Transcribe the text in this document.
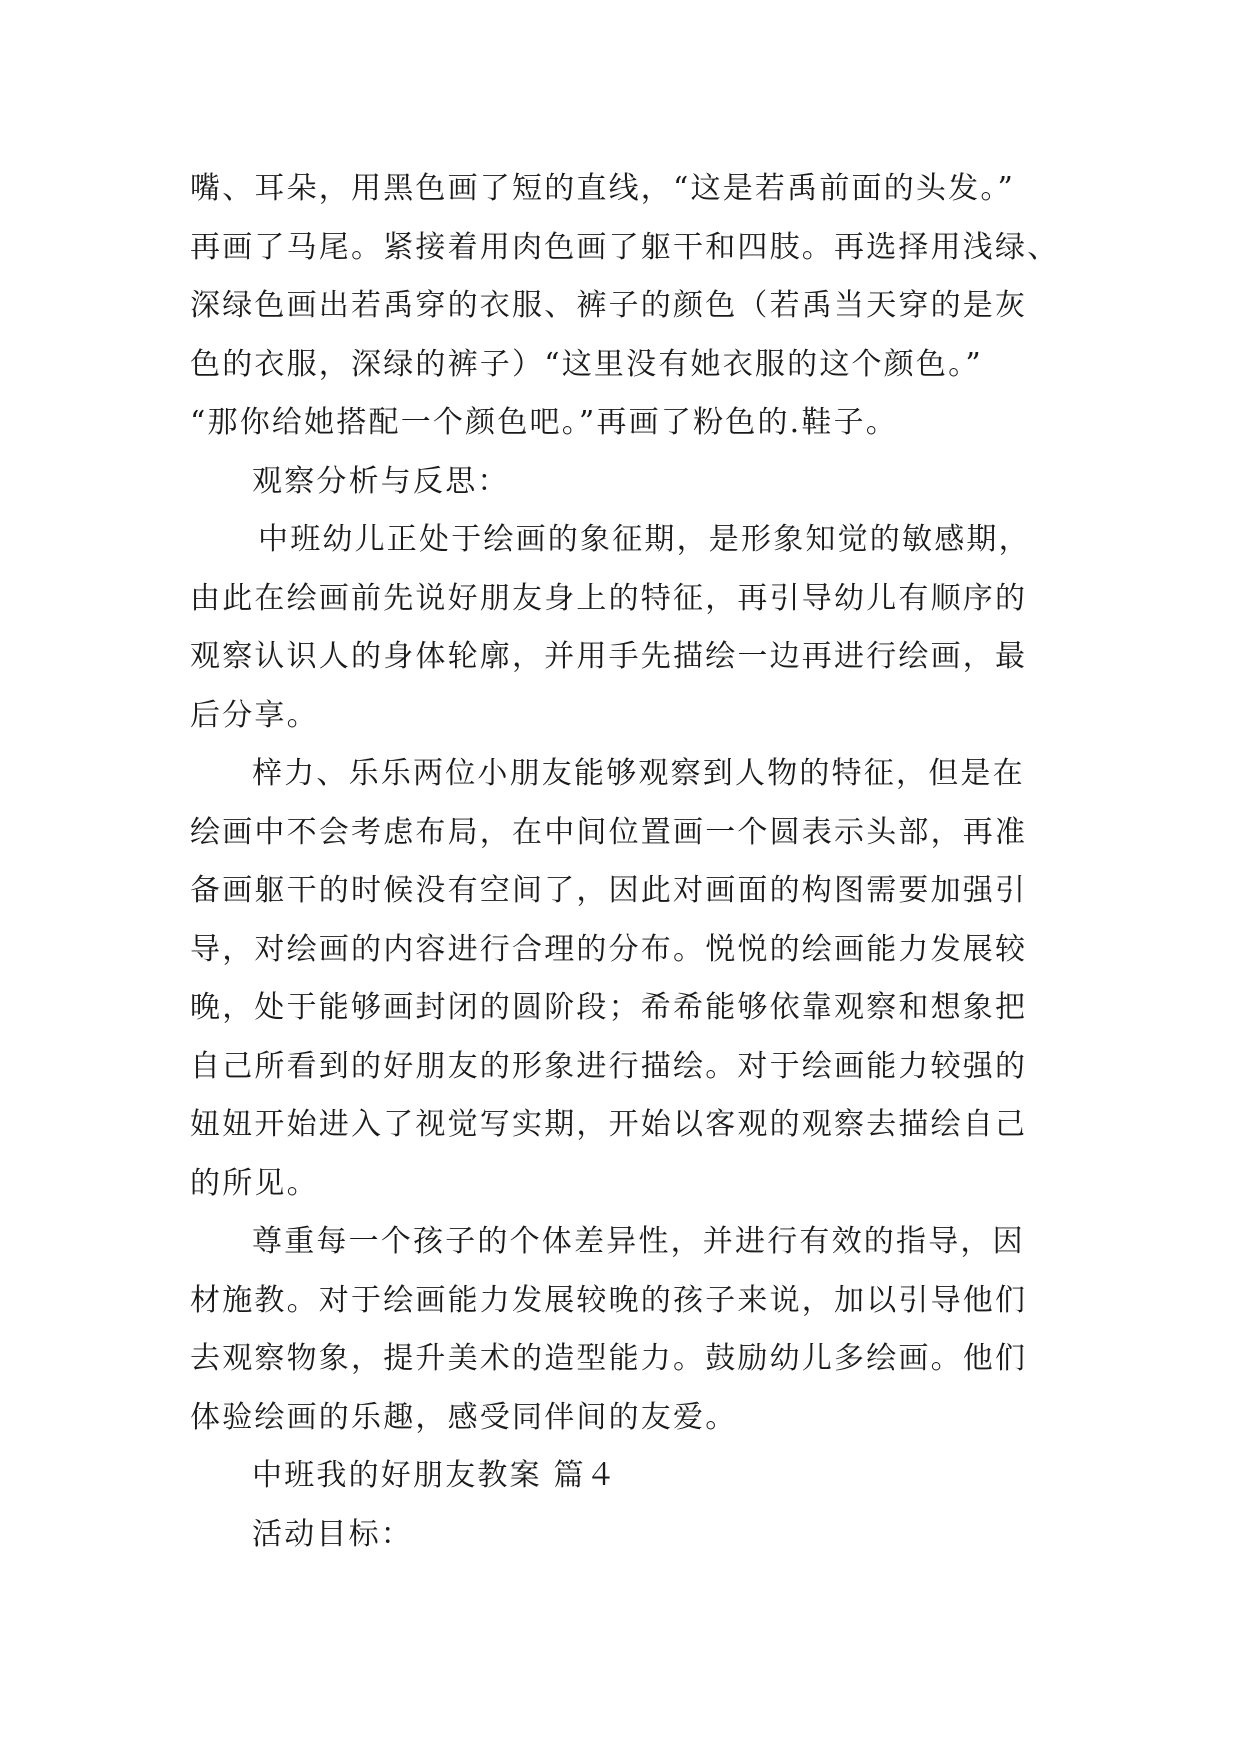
嘴、耳朵，用黑色画了短的直线，“这是若禹前面的头发。”
再画了马尾。紧接着用肉色画了躯干和四肢。再选择用浅绿、
深绿色画出若禹穿的衣服、裤子的颜色（若禹当天穿的是灰
色的衣服，深绿的裤子）“这里没有她衣服的这个颜色。”
“那你给她搭配一个颜色吧。”再画了粉色的.鞋子。

观察分析与反思：

中班幼儿正处于绘画的象征期，是形象知觉的敏感期，
由此在绘画前先说好朋友身上的特征，再引导幼儿有顺序的
观察认识人的身体轮廓，并用手先描绘一边再进行绘画，最
后分享。

梓力、乐乐两位小朋友能够观察到人物的特征，但是在
绘画中不会考虑布局，在中间位置画一个圆表示头部，再准
备画躯干的时候没有空间了，因此对画面的构图需要加强引
导，对绘画的内容进行合理的分布。悦悦的绘画能力发展较
晚，处于能够画封闭的圆阶段；希希能够依靠观察和想象把
自己所看到的好朋友的形象进行描绘。对于绘画能力较强的
妞妞开始进入了视觉写实期，开始以客观的观察去描绘自己
的所见。

尊重每一个孩子的个体差异性，并进行有效的指导，因
材施教。对于绘画能力发展较晚的孩子来说，加以引导他们
去观察物象，提升美术的造型能力。鼓励幼儿多绘画。他们
体验绘画的乐趣，感受同伴间的友爱。

中班我的好朋友教案 篇４

活动目标：
